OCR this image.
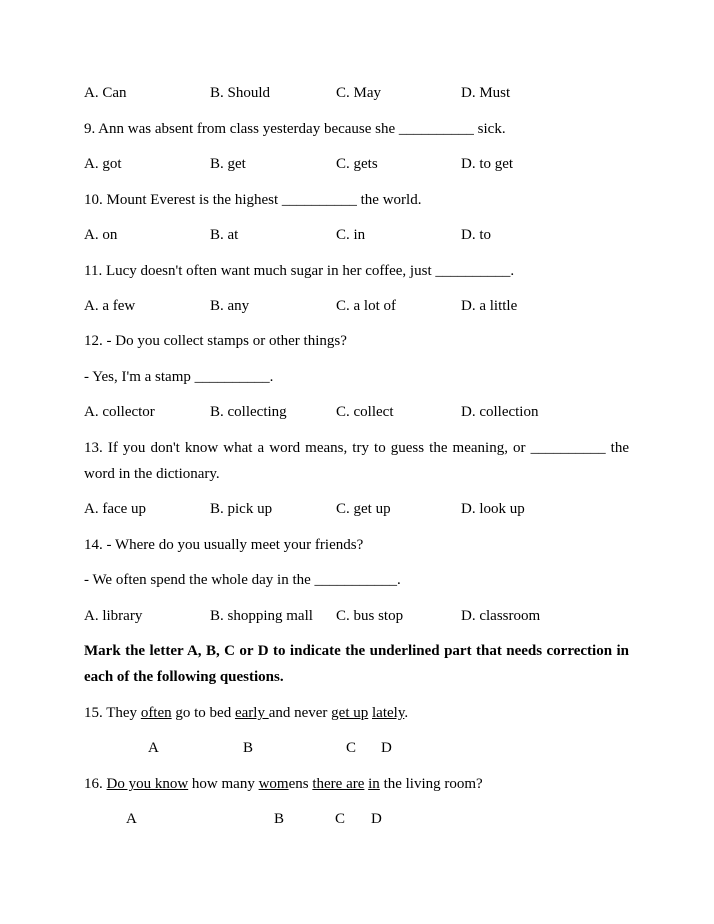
A. Can	B. Should	C. May	D. Must
9. Ann was absent from class yesterday because she __________ sick.
A. got	B. get	C. gets	D. to get
10. Mount Everest is the highest __________ the world.
A. on	B. at	C. in	D. to
11. Lucy doesn't often want much sugar in her coffee, just __________.
A. a few	B. any	C. a lot of	D. a little
12. - Do you collect stamps or other things?
- Yes, I'm a stamp __________.
A. collector	B. collecting	C. collect	D. collection
13. If you don't know what a word means, try to guess the meaning, or __________ the
word in the dictionary.
A. face up	B. pick up	C. get up	D. look up
14. - Where do you usually meet your friends?
- We often spend the whole day in the ___________.
A. library	B. shopping mall C. bus stop	D. classroom
Mark the letter A, B, C or D to indicate the underlined part that needs correction in
each of the following questions.
15. They often go to bed early and never get up lately.
A	B	C D
16. Do you know how many womens there are in the living room?
A	B	C D
